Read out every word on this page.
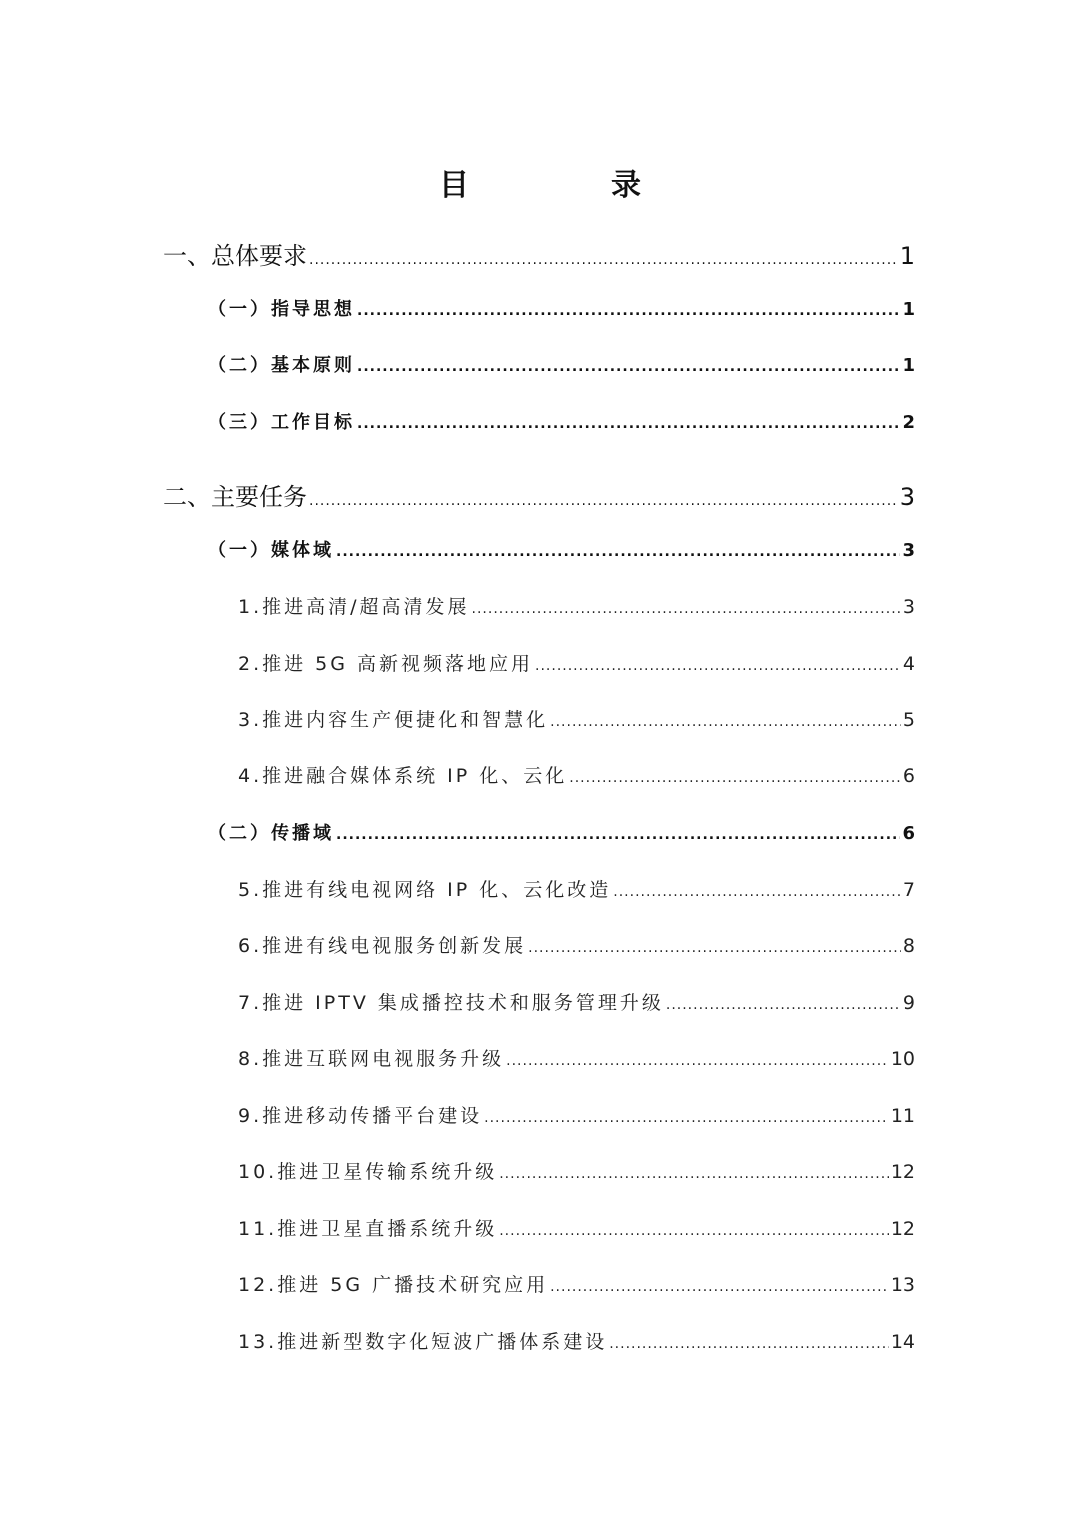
目　录
一、总体要求 .....	1
（一）指导思想 .....	1
（二）基本原则 .....	1
（三）工作目标 .....	2
二、主要任务 .....	3
（一）媒体域 .....	3
1.推进高清/超高清发展 .....	3
2.推进 5G 高新视频落地应用 .....	4
3.推进内容生产便捷化和智慧化 .....	5
4.推进融合媒体系统 IP 化、云化 .....	6
（二）传播域 .....	6
5.推进有线电视网络 IP 化、云化改造 .....	7
6.推进有线电视服务创新发展 .....	8
7.推进 IPTV 集成播控技术和服务管理升级 .....	9
8.推进互联网电视服务升级 .....	10
9.推进移动传播平台建设 .....	11
10.推进卫星传输系统升级 .....	12
11.推进卫星直播系统升级 .....	12
12.推进 5G 广播技术研究应用 .....	13
13.推进新型数字化短波广播体系建设 .....	14
